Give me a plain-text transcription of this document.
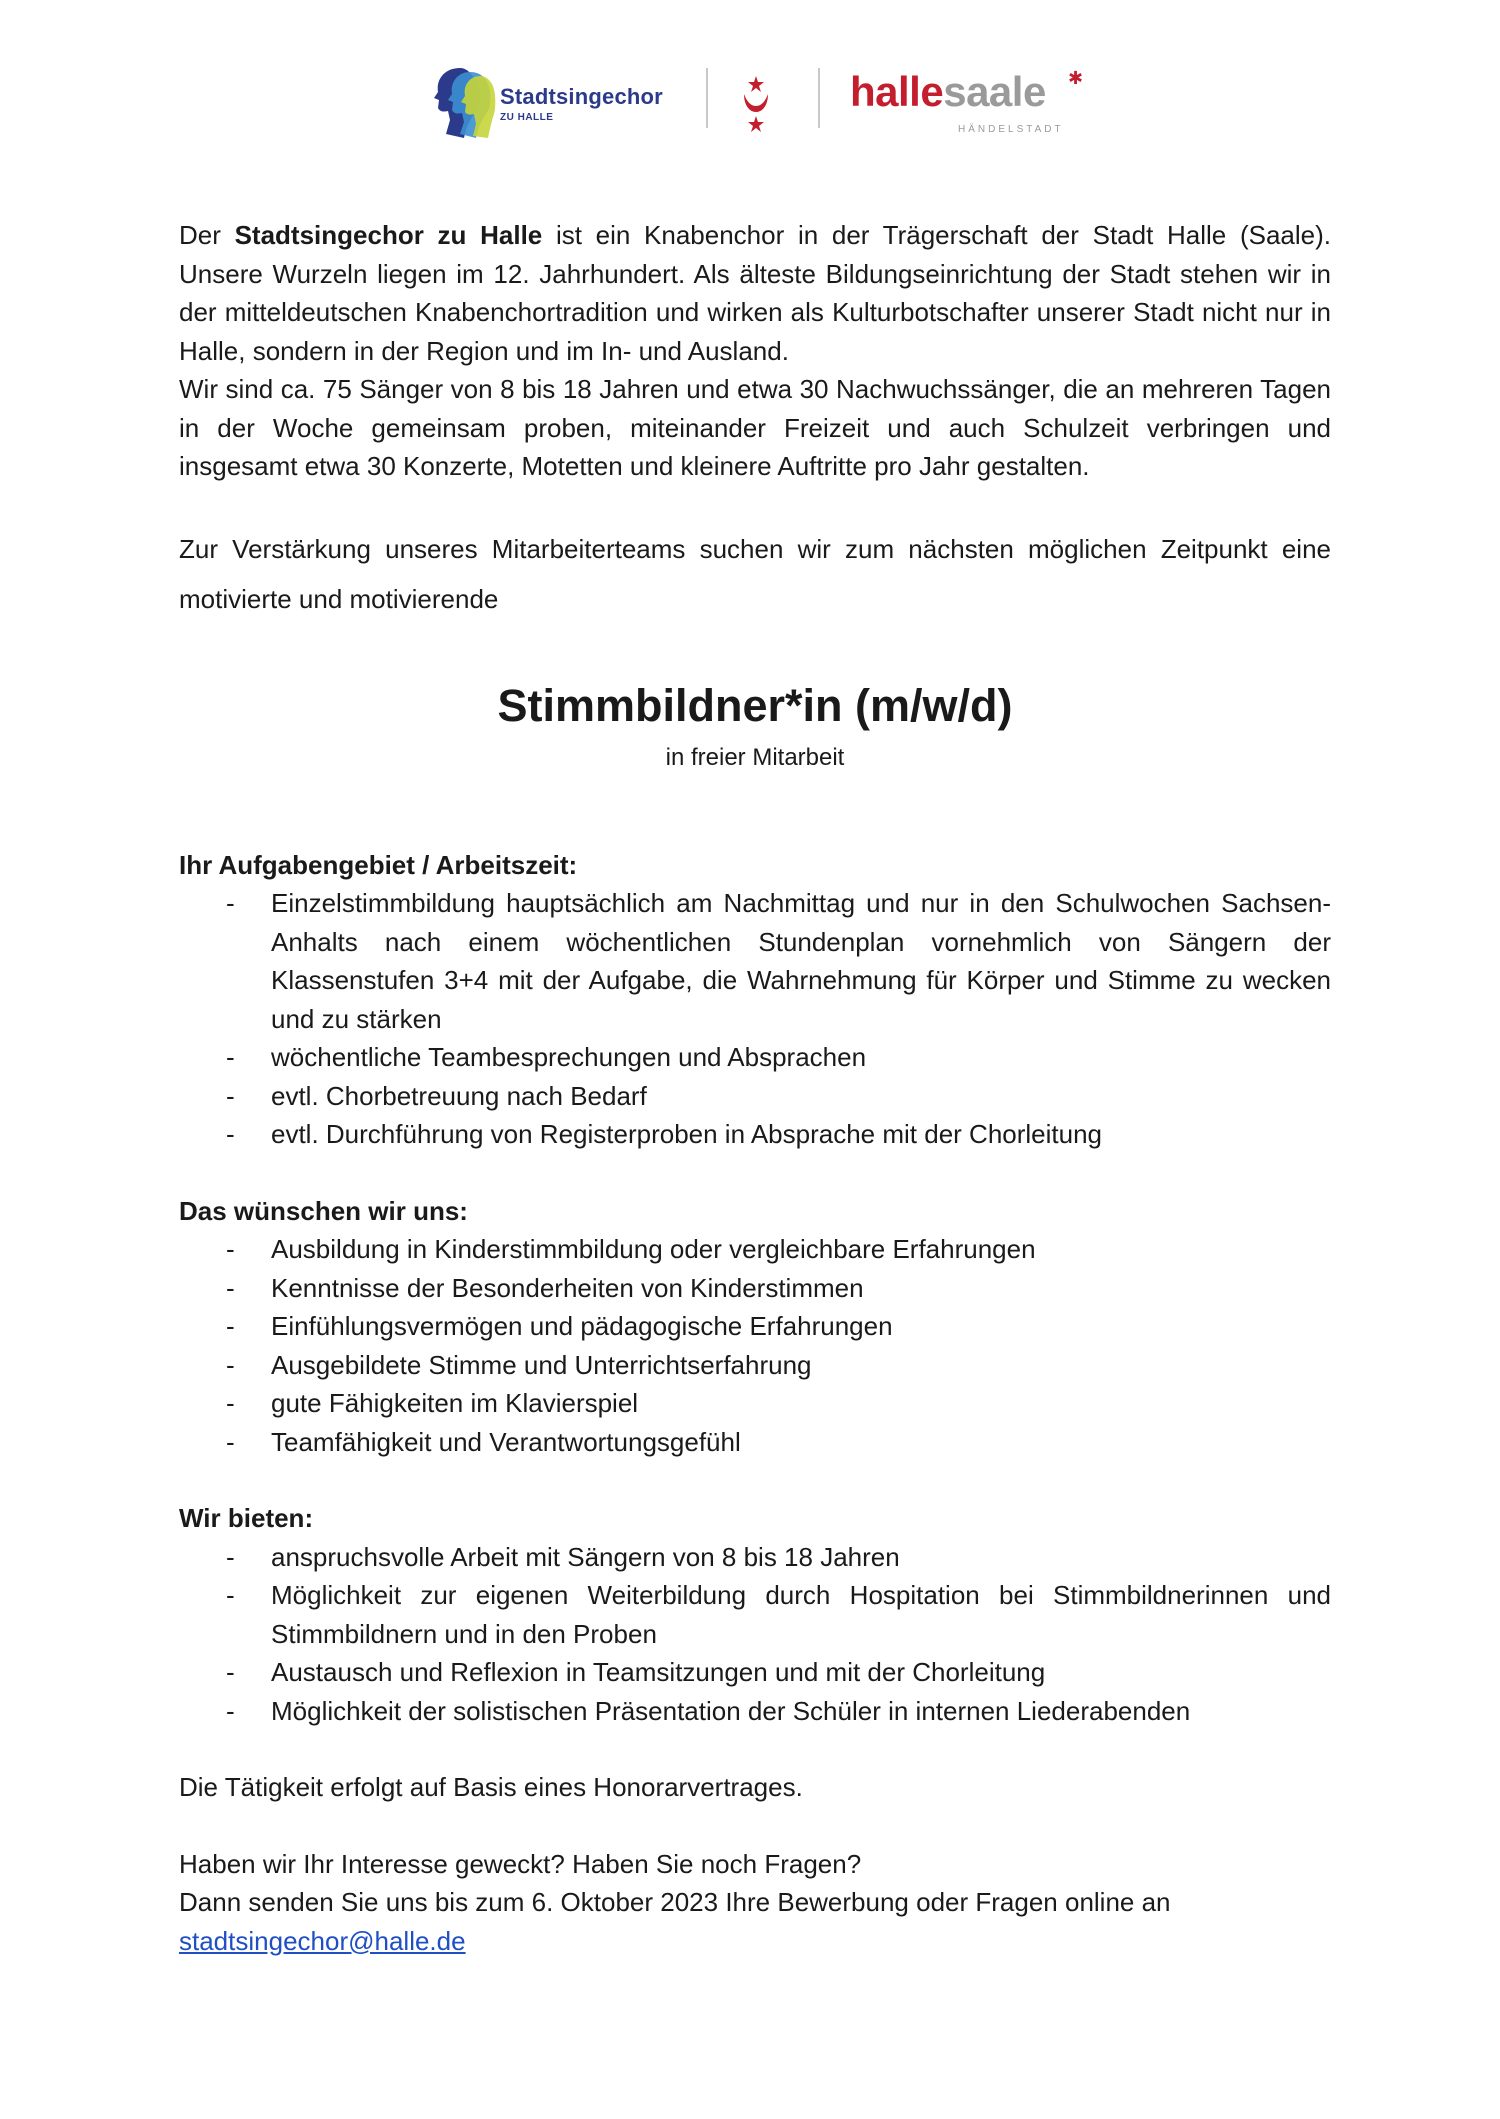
Stadtsingechor
ZU HALLE
hallesaale ✱
HÄNDELSTADT

Der Stadtsingechor zu Halle ist ein Knabenchor in der Trägerschaft der Stadt Halle (Saale). Unsere Wurzeln liegen im 12. Jahrhundert. Als älteste Bildungseinrichtung der Stadt stehen wir in der mitteldeutschen Knabenchortradition und wirken als Kulturbotschafter unserer Stadt nicht nur in Halle, sondern in der Region und im In- und Ausland.

Wir sind ca. 75 Sänger von 8 bis 18 Jahren und etwa 30 Nachwuchssänger, die an mehreren Tagen in der Woche gemeinsam proben, miteinander Freizeit und auch Schulzeit verbringen und insgesamt etwa 30 Konzerte, Motetten und kleinere Auftritte pro Jahr gestalten.

Zur Verstärkung unseres Mitarbeiterteams suchen wir zum nächsten möglichen Zeitpunkt eine motivierte und motivierende

Stimmbildner*in (m/w/d)
in freier Mitarbeit

Ihr Aufgabengebiet / Arbeitszeit:

- Einzelstimmbildung hauptsächlich am Nachmittag und nur in den Schulwochen Sachsen-Anhalts nach einem wöchentlichen Stundenplan vornehmlich von Sängern der Klassenstufen 3+4 mit der Aufgabe, die Wahrnehmung für Körper und Stimme zu wecken und zu stärken
- wöchentliche Teambesprechungen und Absprachen
- evtl. Chorbetreuung nach Bedarf
- evtl. Durchführung von Registerproben in Absprache mit der Chorleitung

Das wünschen wir uns:

- Ausbildung in Kinderstimmbildung oder vergleichbare Erfahrungen
- Kenntnisse der Besonderheiten von Kinderstimmen
- Einfühlungsvermögen und pädagogische Erfahrungen
- Ausgebildete Stimme und Unterrichtserfahrung
- gute Fähigkeiten im Klavierspiel
- Teamfähigkeit und Verantwortungsgefühl

Wir bieten:

- anspruchsvolle Arbeit mit Sängern von 8 bis 18 Jahren
- Möglichkeit zur eigenen Weiterbildung durch Hospitation bei Stimmbildnerinnen und Stimmbildnern und in den Proben
- Austausch und Reflexion in Teamsitzungen und mit der Chorleitung
- Möglichkeit der solistischen Präsentation der Schüler in internen Liederabenden

Die Tätigkeit erfolgt auf Basis eines Honorarvertrages.

Haben wir Ihr Interesse geweckt? Haben Sie noch Fragen?

Dann senden Sie uns bis zum 6. Oktober 2023 Ihre Bewerbung oder Fragen online an

stadtsingechor@halle.de
